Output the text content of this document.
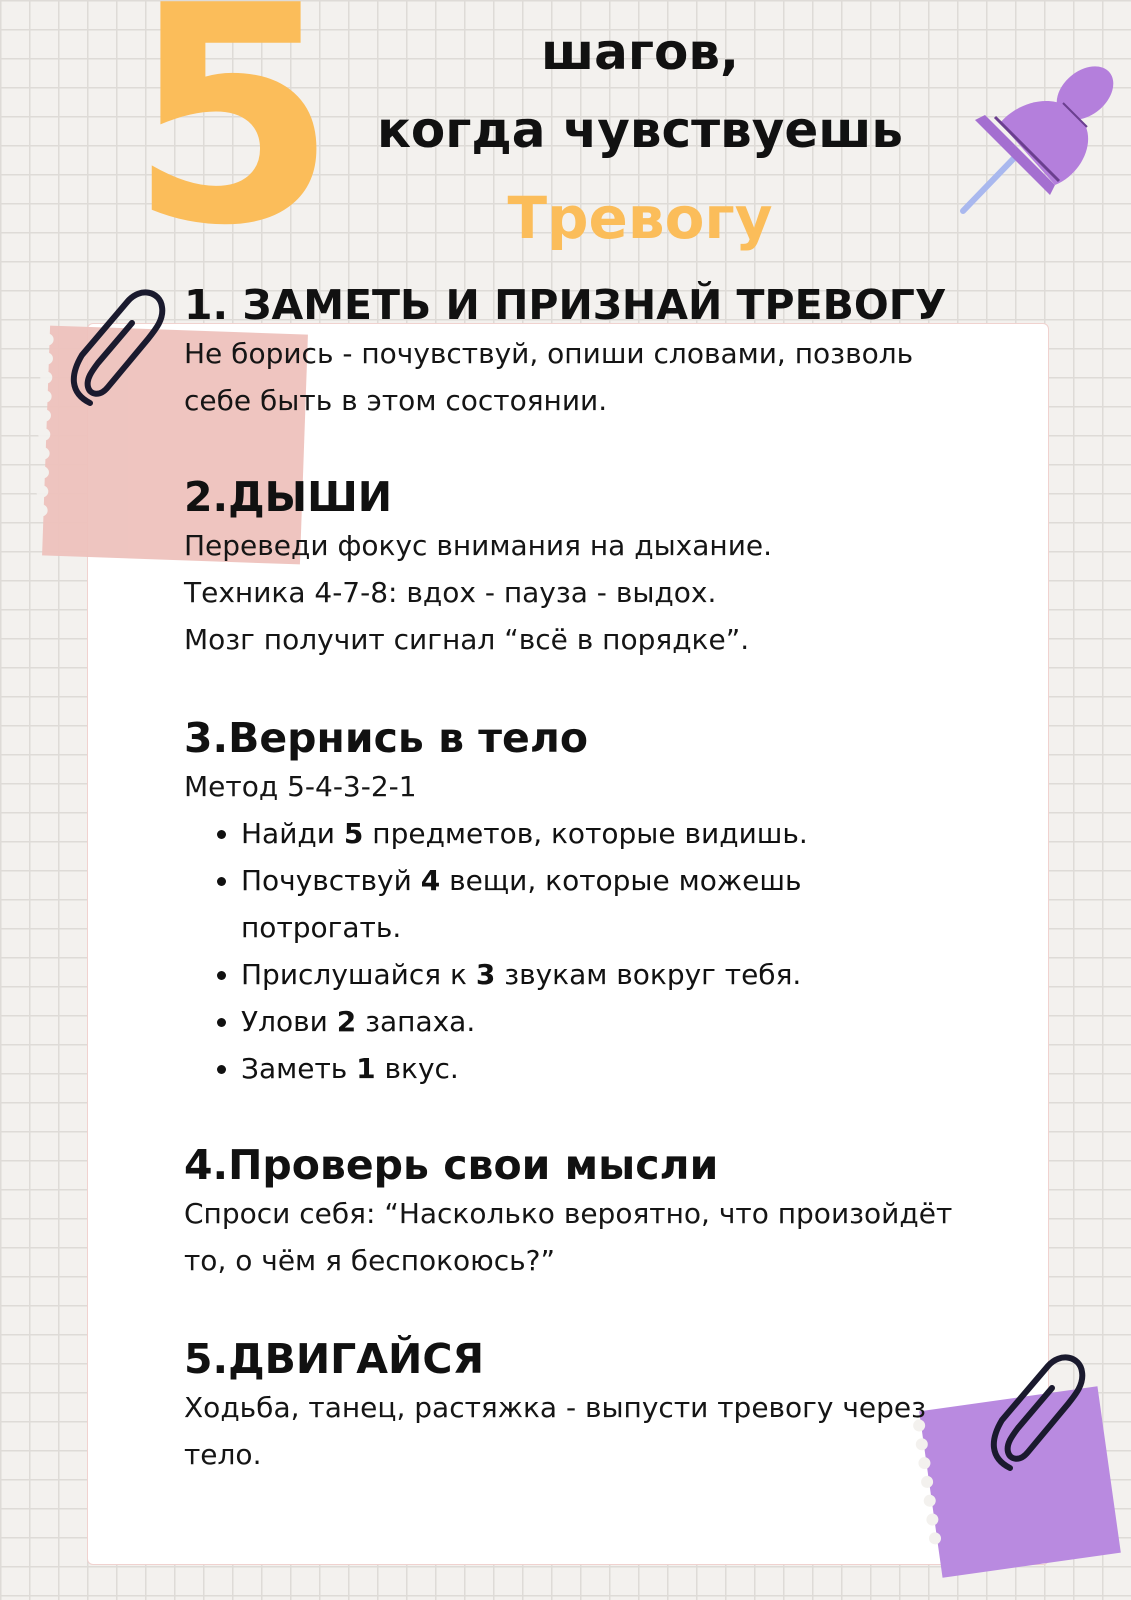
5	шагов,
когда чувствуешь
Тревогу
1. ЗАМЕТЬ И ПРИЗНАЙ ТРЕВОГУ

Не борись - почувствуй, опиши словами, позволь

себе быть в этом состоянии.

2.ДЫШИ

Переведи фокус внимания на дыхание.

Техника 4-7-8: вдох - пауза - выдох.

Мозг получит сигнал “всё в порядке”.

3.Вернись в тело

Метод 5-4-3-2-1

• Найди 5 предметов, которые видишь.
• Почувствуй 4 вещи, которые можешь потрогать.
• Прислушайся к 3 звукам вокруг тебя.
• Улови 2 запаха.
• Заметь 1 вкус.
4.Проверь свои мысли

Спроси себя: “Насколько вероятно, что произойдёт

то, о чём я беспокоюсь?”

5.ДВИГАЙСЯ

Ходьба, танец, растяжка - выпусти тревогу через

тело.
